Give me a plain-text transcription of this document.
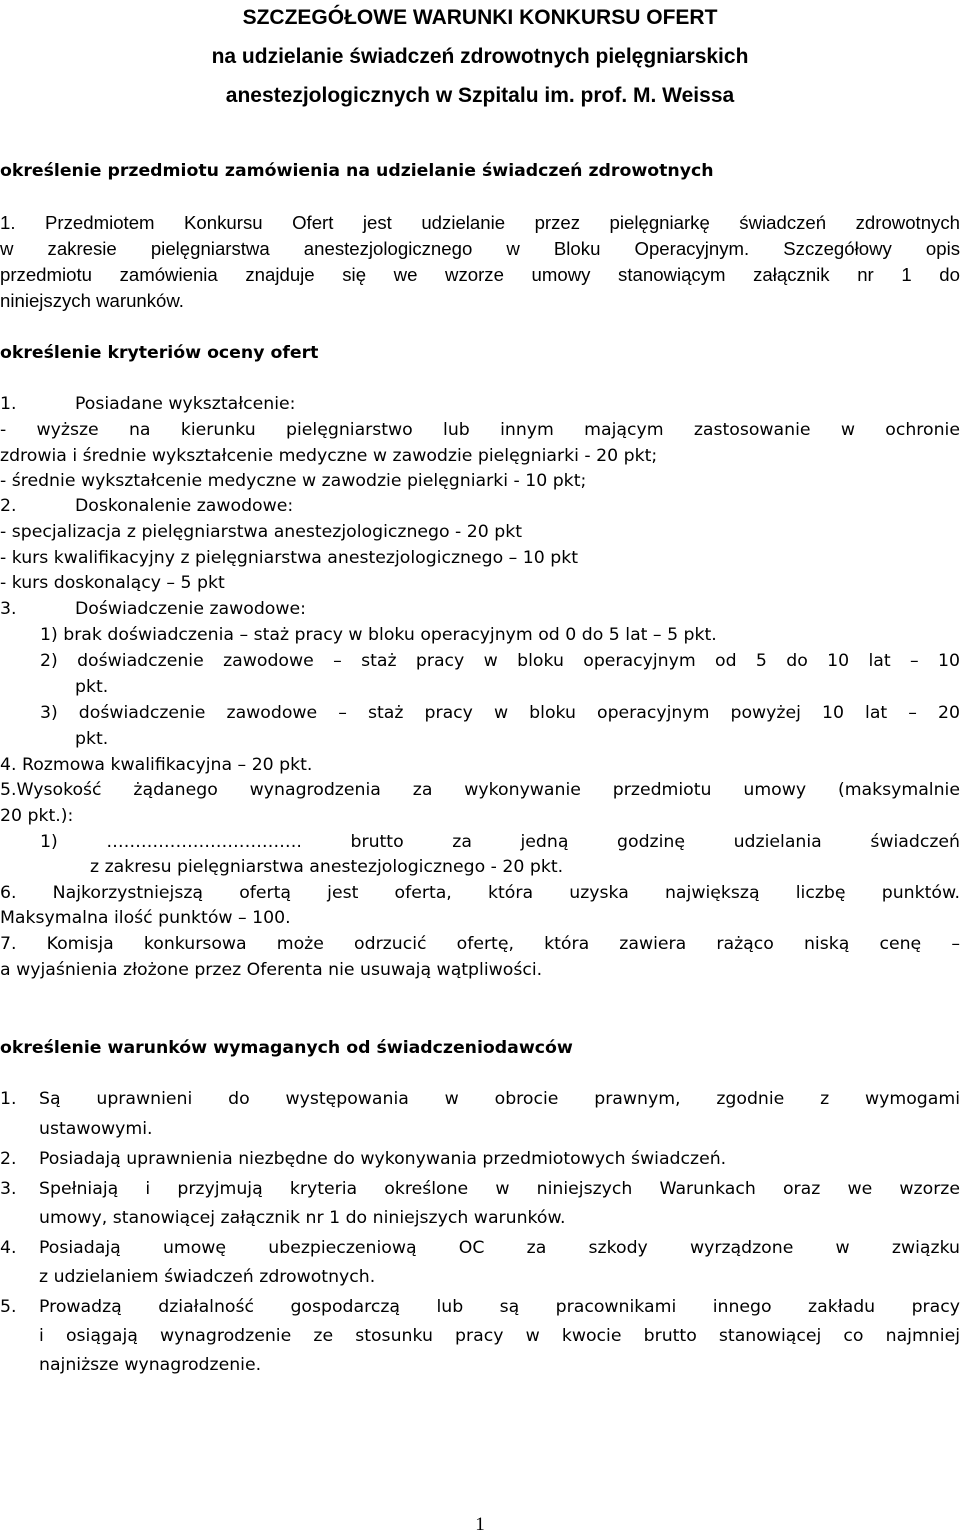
SZCZEGÓŁOWE WARUNKI KONKURSU OFERT
na udzielanie świadczeń zdrowotnych pielęgniarskich
anestezjologicznych w Szpitalu im. prof. M. Weissa
określenie przedmiotu zamówienia na udzielanie świadczeń zdrowotnych
1. Przedmiotem Konkursu Ofert jest udzielanie przez pielęgniarkę świadczeń zdrowotnych
w zakresie pielęgniarstwa anestezjologicznego w Bloku Operacyjnym. Szczegółowy opis
przedmiotu zamówienia znajduje się we wzorze umowy stanowiącym załącznik nr 1 do
niniejszych warunków.
określenie kryteriów oceny ofert
1.	Posiadane wykształcenie:
- wyższe na kierunku pielęgniarstwo lub innym mającym zastosowanie w ochronie
zdrowia i średnie wykształcenie medyczne w zawodzie pielęgniarki - 20 pkt;
- średnie wykształcenie medyczne w zawodzie pielęgniarki - 10 pkt;
2.	Doskonalenie zawodowe:
- specjalizacja z pielęgniarstwa anestezjologicznego - 20 pkt
- kurs kwalifikacyjny z pielęgniarstwa anestezjologicznego – 10 pkt
- kurs doskonalący – 5 pkt
3.	Doświadczenie zawodowe:
1) brak doświadczenia – staż pracy w bloku operacyjnym od 0 do 5 lat – 5 pkt.
2) doświadczenie zawodowe – staż pracy w bloku operacyjnym od 5 do 10 lat – 10
pkt.
3) doświadczenie zawodowe – staż pracy w bloku operacyjnym powyżej 10 lat – 20
pkt.
4. Rozmowa kwalifikacyjna – 20 pkt.
5.Wysokość żądanego wynagrodzenia za wykonywanie przedmiotu umowy (maksymalnie
20 pkt.):
1) ……………………………. brutto za jedną godzinę udzielania świadczeń
z zakresu pielęgniarstwa anestezjologicznego - 20 pkt.
6. Najkorzystniejszą ofertą jest oferta, która uzyska największą liczbę punktów.
Maksymalna ilość punktów – 100.
7. Komisja konkursowa może odrzucić ofertę, która zawiera rażąco niską cenę –
a wyjaśnienia złożone przez Oferenta nie usuwają wątpliwości.
określenie warunków wymaganych od świadczeniodawców
1. Są uprawnieni do występowania w obrocie prawnym, zgodnie z wymogami
ustawowymi.
2. Posiadają uprawnienia niezbędne do wykonywania przedmiotowych świadczeń.
3. Spełniają i przyjmują kryteria określone w niniejszych Warunkach oraz we wzorze
umowy, stanowiącej załącznik nr 1 do niniejszych warunków.
4. Posiadają umowę ubezpieczeniową OC za szkody wyrządzone w związku
z udzielaniem świadczeń zdrowotnych.
5. Prowadzą działalność gospodarczą lub są pracownikami innego zakładu pracy
i osiągają wynagrodzenie ze stosunku pracy w kwocie brutto stanowiącej co najmniej
najniższe wynagrodzenie.
1
